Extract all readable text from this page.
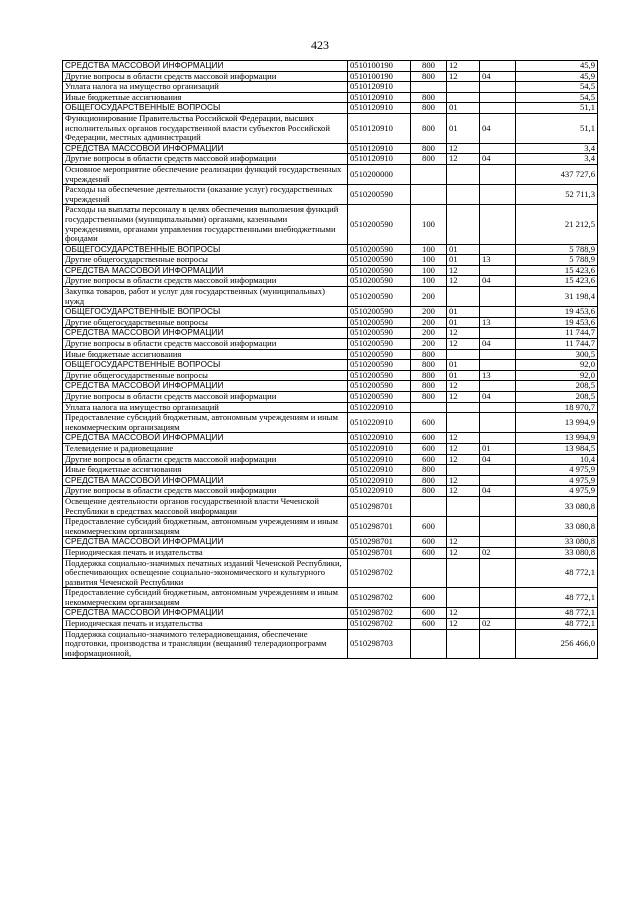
423
СРЕДСТВА МАССОВОЙ ИНФОРМАЦИИ	0510100190	800	12		45,9
Другие вопросы в области средств массовой информации	0510100190	800	12	04	45,9
Уплата налога на имущество организаций	0510120910				54,5
Иные бюджетные ассигнования	0510120910	800			54,5
ОБЩЕГОСУДАРСТВЕННЫЕ ВОПРОСЫ	0510120910	800	01		51,1
Функционирование Правительства Российской Федерации, высших исполнительных органов государственной власти субъектов Российской Федерации, местных администраций	0510120910	800	01	04	51,1
СРЕДСТВА МАССОВОЙ ИНФОРМАЦИИ	0510120910	800	12		3,4
Другие вопросы в области средств массовой информации	0510120910	800	12	04	3,4
Основное мероприятие обеспечение реализации функций государственных учреждений	0510200000				437 727,6
Расходы на обеспечение деятельности (оказание услуг) государственных учреждений	0510200590				52 711,3
Расходы на выплаты персоналу в целях обеспечения выполнения функций государственными (муниципальными) органами, казенными учреждениями, органами управления государственными внебюджетными фондами	0510200590	100			21 212,5
ОБЩЕГОСУДАРСТВЕННЫЕ ВОПРОСЫ	0510200590	100	01		5 788,9
Другие общегосударственные вопросы	0510200590	100	01	13	5 788,9
СРЕДСТВА МАССОВОЙ ИНФОРМАЦИИ	0510200590	100	12		15 423,6
Другие вопросы в области средств массовой информации	0510200590	100	12	04	15 423,6
Закупка товаров, работ и услуг для государственных (муниципальных) нужд	0510200590	200			31 198,4
ОБЩЕГОСУДАРСТВЕННЫЕ ВОПРОСЫ	0510200590	200	01		19 453,6
Другие общегосударственные вопросы	0510200590	200	01	13	19 453,6
СРЕДСТВА МАССОВОЙ ИНФОРМАЦИИ	0510200590	200	12		11 744,7
Другие вопросы в области средств массовой информации	0510200590	200	12	04	11 744,7
Иные бюджетные ассигнования	0510200590	800			300,5
ОБЩЕГОСУДАРСТВЕННЫЕ ВОПРОСЫ	0510200590	800	01		92,0
Другие общегосударственные вопросы	0510200590	800	01	13	92,0
СРЕДСТВА МАССОВОЙ ИНФОРМАЦИИ	0510200590	800	12		208,5
Другие вопросы в области средств массовой информации	0510200590	800	12	04	208,5
Уплата налога на имущество организаций	0510220910				18 970,7
Предоставление субсидий бюджетным, автономным учреждениям и иным некоммерческим организациям	0510220910	600			13 994,9
СРЕДСТВА МАССОВОЙ ИНФОРМАЦИИ	0510220910	600	12		13 994,9
Телевидение и радиовещание	0510220910	600	12	01	13 984,5
Другие вопросы в области средств массовой информации	0510220910	600	12	04	10,4
Иные бюджетные ассигнования	0510220910	800			4 975,9
СРЕДСТВА МАССОВОЙ ИНФОРМАЦИИ	0510220910	800	12		4 975,9
Другие вопросы в области средств массовой информации	0510220910	800	12	04	4 975,9
Освещение деятельности органов государственной власти Чеченской Республики в средствах массовой информации	0510298701				33 080,8
Предоставление субсидий бюджетным, автономным учреждениям и иным некоммерческим организациям	0510298701	600			33 080,8
СРЕДСТВА МАССОВОЙ ИНФОРМАЦИИ	0510298701	600	12		33 080,8
Периодическая печать и издательства	0510298701	600	12	02	33 080,8
Поддержка социально-значимых печатных изданий Чеченской Республики, обеспечивающих освещение социально-экономического и культурного развития Чеченской Республики	0510298702				48 772,1
Предоставление субсидий бюджетным, автономным учреждениям и иным некоммерческим организациям	0510298702	600			48 772,1
СРЕДСТВА МАССОВОЙ ИНФОРМАЦИИ	0510298702	600	12		48 772,1
Периодическая печать и издательства	0510298702	600	12	02	48 772,1
Поддержка социально-значимого телерадиовещания, обеспечение подготовки, производства и трансляции (вещания0 телерадиопрограмм информационной,	0510298703				256 466,0
